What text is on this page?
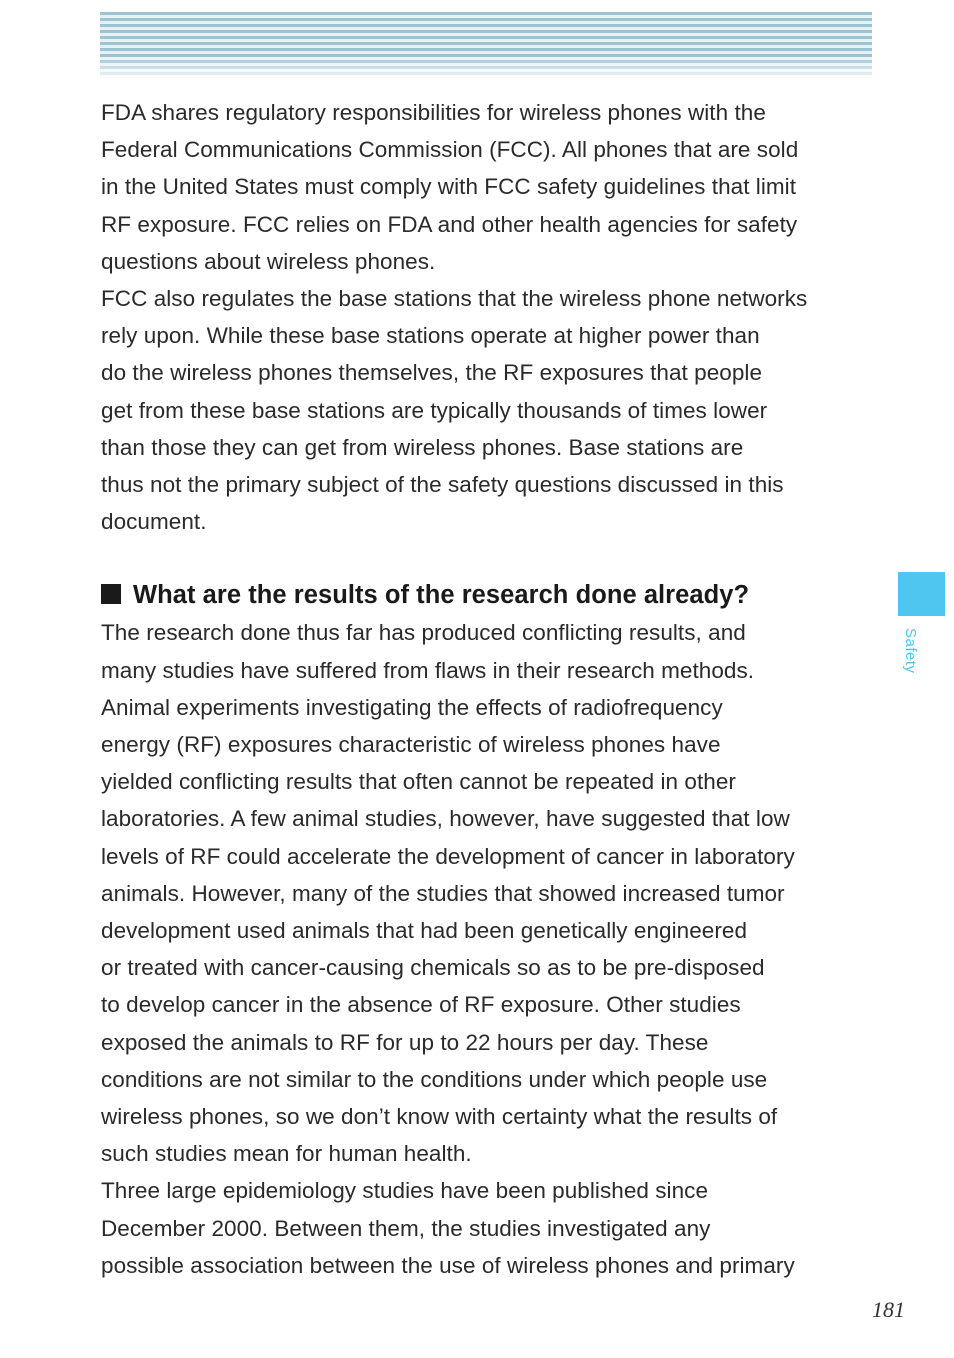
FDA shares regulatory responsibilities for wireless phones with the
Federal Communications Commission (FCC). All phones that are sold
in the United States must comply with FCC safety guidelines that limit
RF exposure. FCC relies on FDA and other health agencies for safety
questions about wireless phones.

FCC also regulates the base stations that the wireless phone networks
rely upon. While these base stations operate at higher power than
do the wireless phones themselves, the RF exposures that people
get from these base stations are typically thousands of times lower
than those they can get from wireless phones. Base stations are
thus not the primary subject of the safety questions discussed in this
document.

What are the results of the research done already?

The research done thus far has produced conflicting results, and
many studies have suffered from flaws in their research methods.
Animal experiments investigating the effects of radiofrequency
energy (RF) exposures characteristic of wireless phones have
yielded conflicting results that often cannot be repeated in other
laboratories. A few animal studies, however, have suggested that low
levels of RF could accelerate the development of cancer in laboratory
animals. However, many of the studies that showed increased tumor
development used animals that had been genetically engineered
or treated with cancer-causing chemicals so as to be pre-disposed
to develop cancer in the absence of RF exposure. Other studies
exposed the animals to RF for up to 22 hours per day. These
conditions are not similar to the conditions under which people use
wireless phones, so we don’t know with certainty what the results of
such studies mean for human health.

Three large epidemiology studies have been published since
December 2000. Between them, the studies investigated any
possible association between the use of wireless phones and primary

Safety
181
